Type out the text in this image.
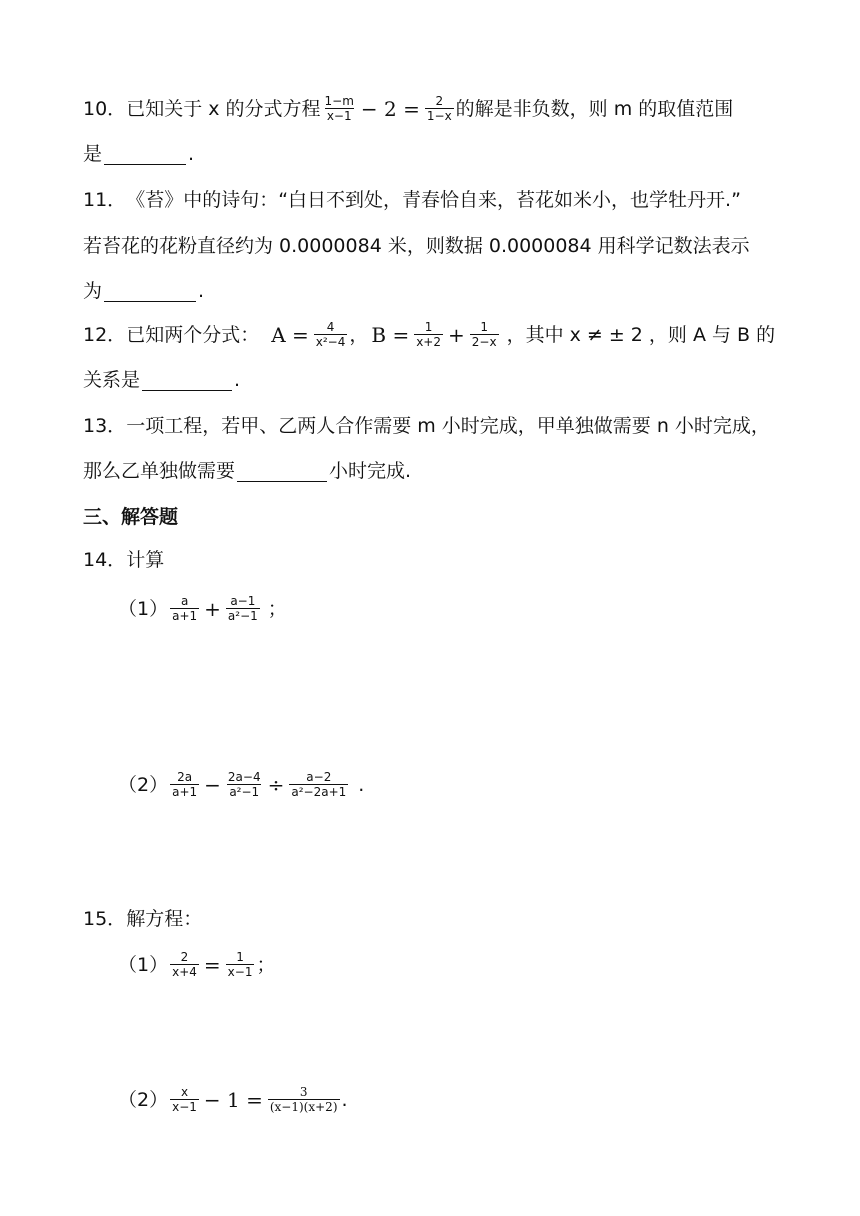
10． 已知关于 x 的分式方程 $\frac{1-m}{x-1} - 2 = \frac{2}{1-x}$ 的解是非负数，则 m 的取值范围
是	.
11． 《苔》中的诗句：“白日不到处，青春恰自来，苔花如米小，也学牡丹开.”
若苔花的花粉直径约为 0.0000084 米，则数据 0.0000084 用科学记数法表示
为	.
12． 已知两个分式： $A = \frac{4}{\text{x²−4}}$ ， $B = \frac{1}{x+2} + \frac{1}{2-x}$ ，其中 x ≠ ± 2 ，则 A 与 B 的
关系是	.
13． 一项工程，若甲、乙两人合作需要 m 小时完成，甲单独做需要 n 小时完成，
那么乙单独做需要	小时完成.
三、解答题
14． 计算
$(1) \frac{a}{a+1} + \frac{a-1}{\text{a²−1}}$ ；
$(2) \frac{2a}{a+1} - \frac{2a-4}{\text{a²−1}} \div \frac{a-2}{\text{a²−2a+1}}$ .
15． 解方程：
$(1) \frac{2}{x+4} = \frac{1}{x-1}$ ；
$(2) \frac{x}{x-1} - 1 = \frac{3}{(x-1)(x+2)}$ .
